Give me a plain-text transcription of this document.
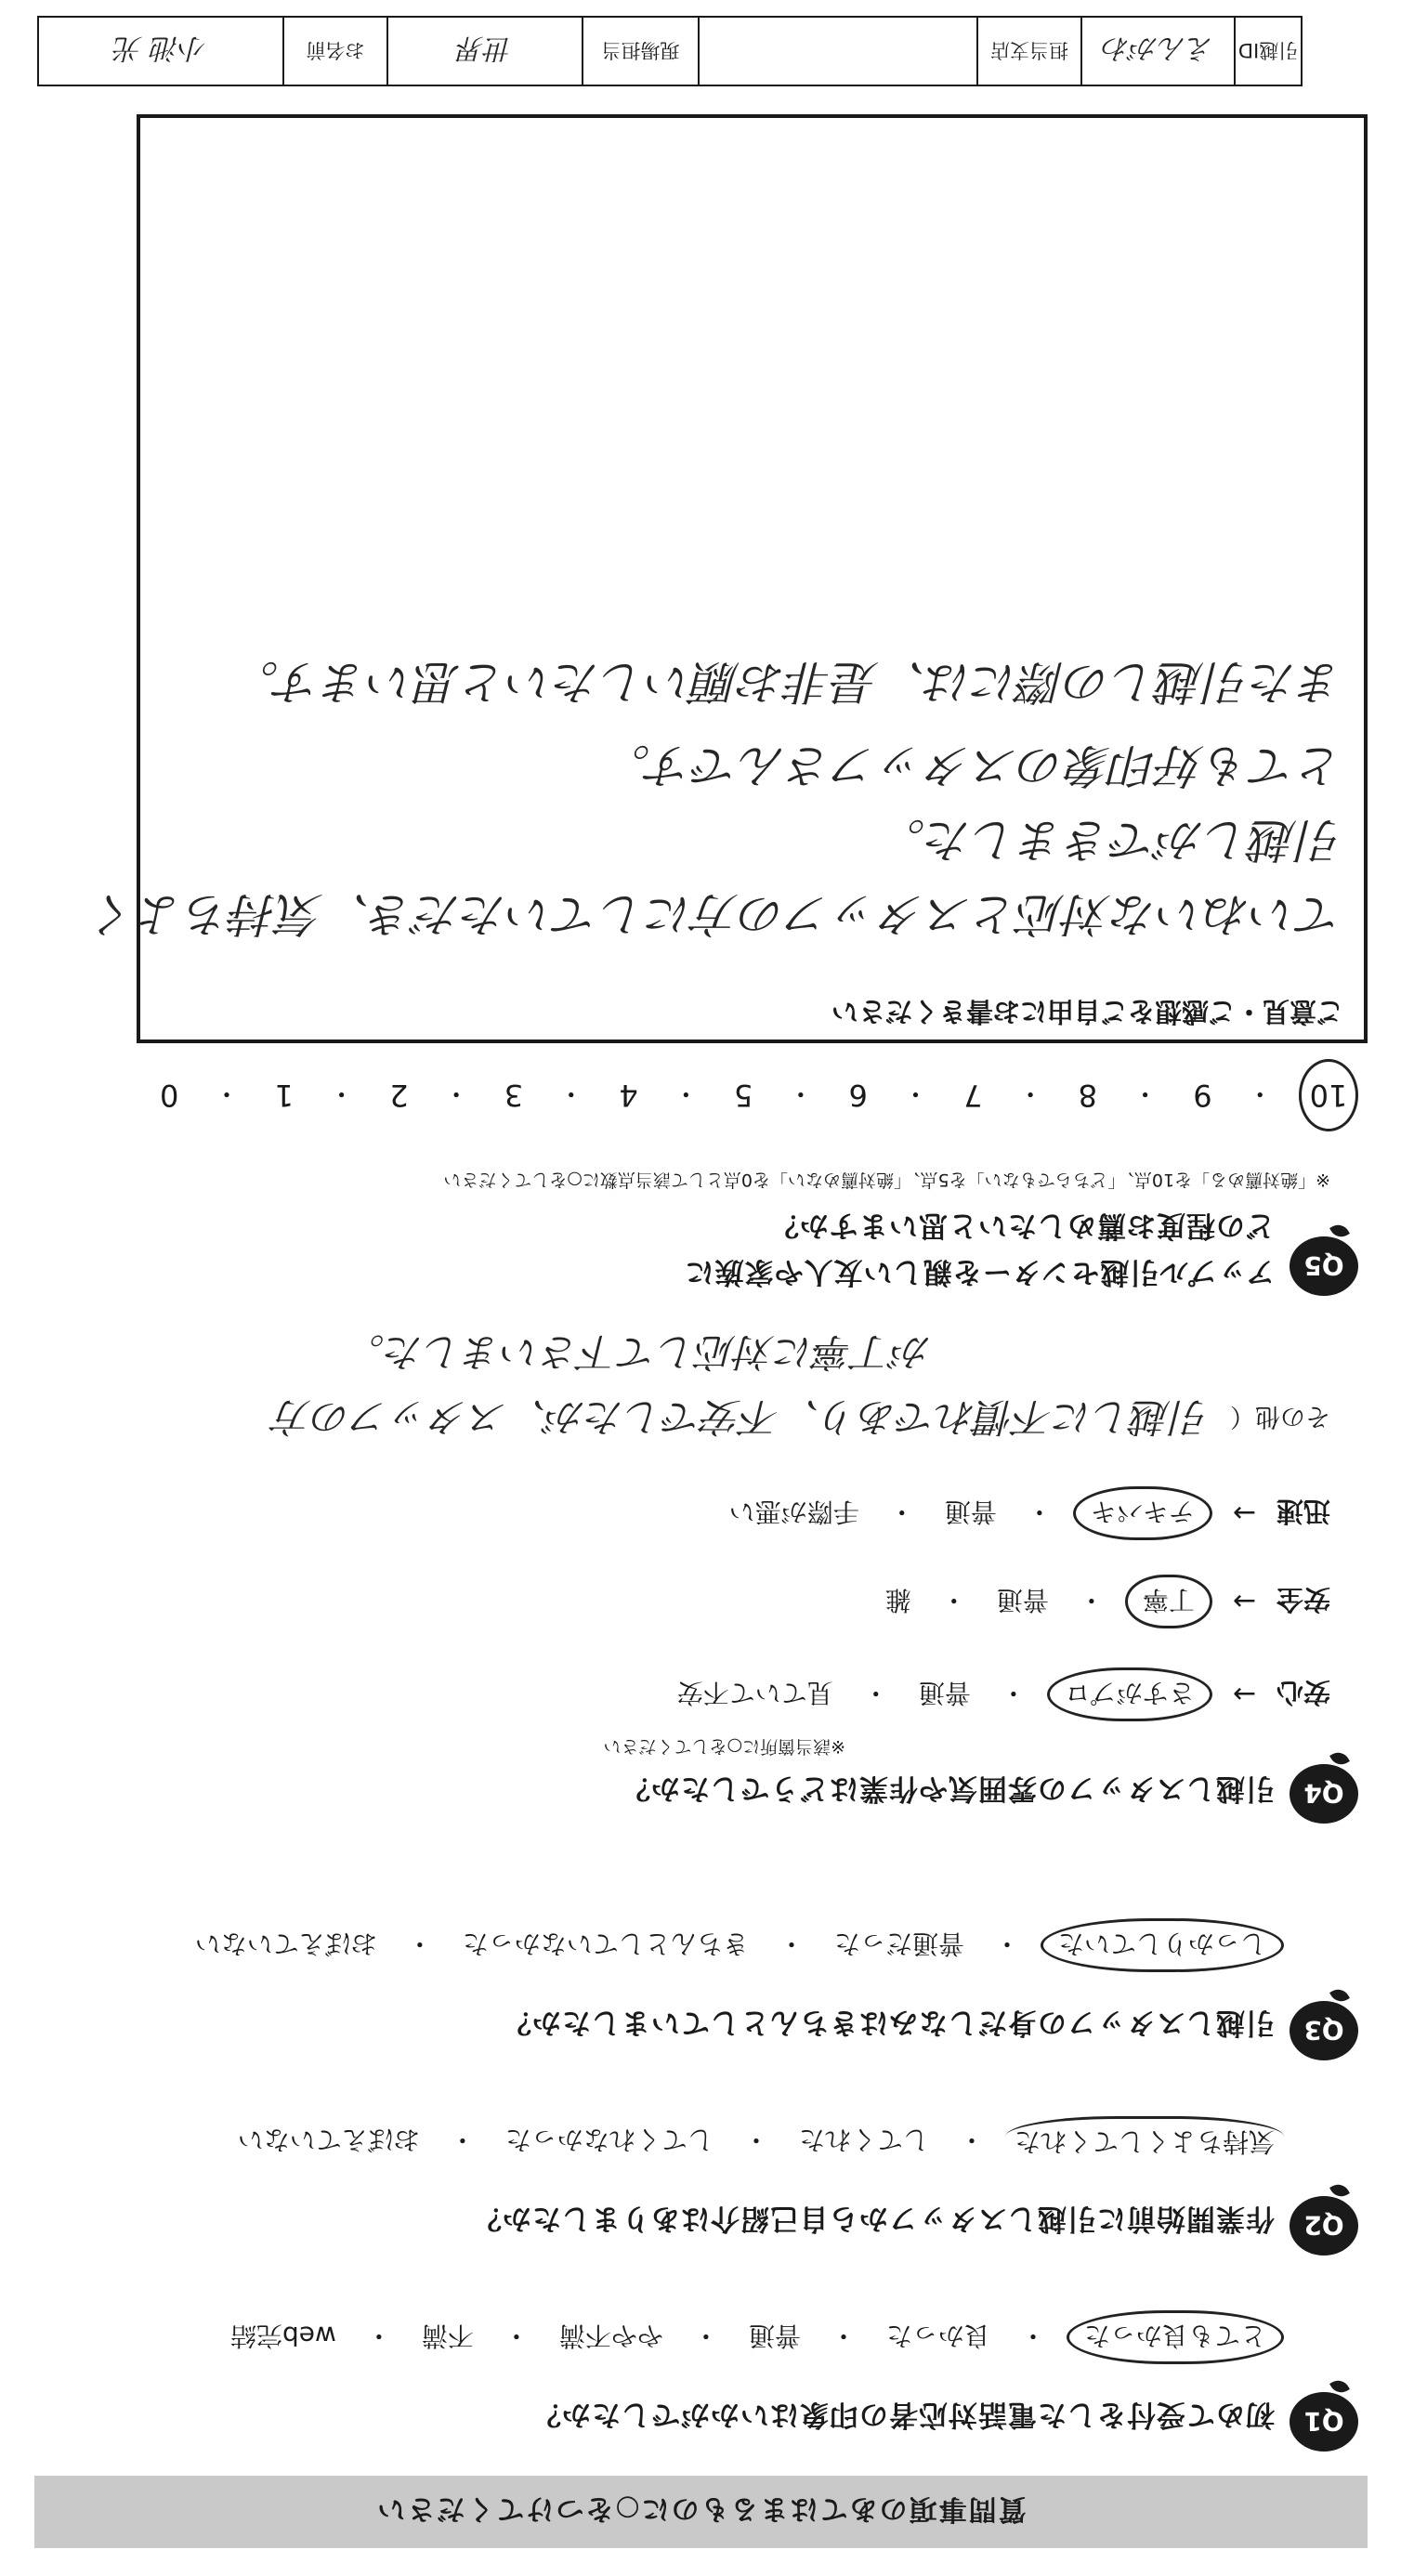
質問事項のあてはまるものに○をつけてください
Q1
初めて受付をした電話対応者の印象はいかがでしたか？
とても良かった
・
良かった
・
普通
・
やや不満
・
不満
・
web完結
Q2
作業開始前に引越しスタッフから自己紹介はありましたか？
気持ちよくしてくれた
・
してくれた
・
してくれなかった
・
おぼえていない
Q3
引越しスタッフの身だしなみはきちんとしていましたか？
しっかりしていた
・
普通だった
・
きちんとしていなかった
・
おぼえていない
Q4
引越しスタッフの雰囲気や作業はどうでしたか？
※該当箇所に○をしてください
安心
→
さすがプロ
・
普通
・
見ていて不安
安全
→
丁寧
・
普通
・
雑
迅速
→
テキパキ
・
普通
・
手際が悪い
その他（
引越しに不慣れであり、不安でしたが、スタッフの方
が丁寧に対応して下さいました。
Q5
アップル引越センターを親しい友人や家族に
どの程度お薦めしたいと思いますか？
※「絶対薦める」を10点、「どちらでもない」を5点、「絶対薦めない」を0点として該当点数に○をしてください
10
・
9
・
8
・
7
・
6
・
5
・
4
・
3
・
2
・
1
・
0
ご意見・ご感想をご自由にお書きください
ていねいな対応とスタッフの方にしていただき、気持ちよく
引越しができました。
とても好印象のスタッフさんです。
また引越しの際には、是非お願いしたいと思います。
引越ID
えんがわ
担当支店
現場担当
世界
お名前
小池 光
